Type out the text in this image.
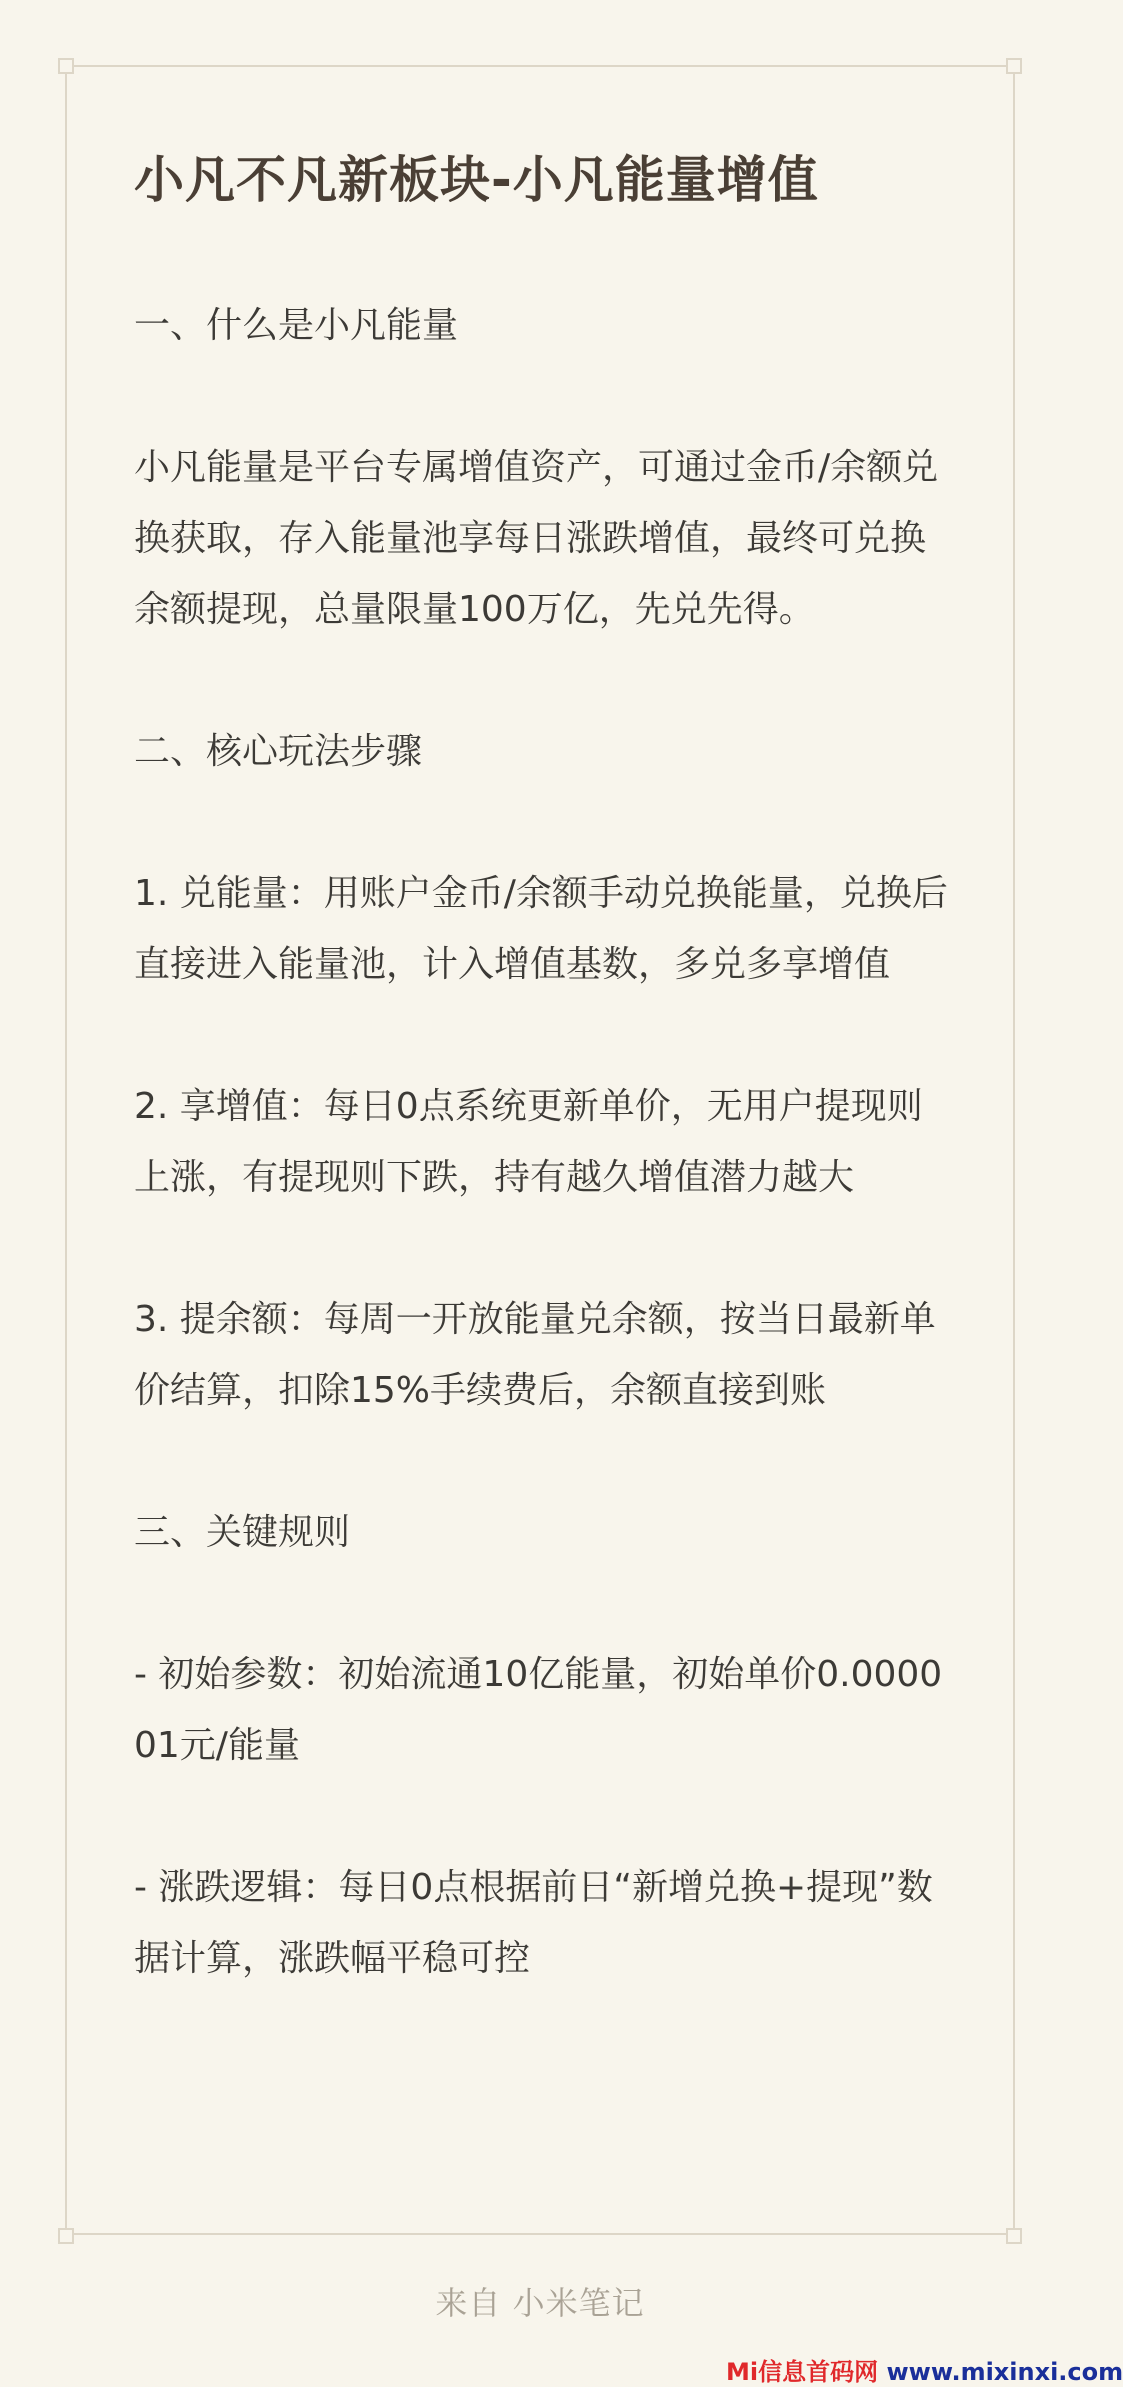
小凡不凡新板块-小凡能量增值
一、什么是小凡能量
小凡能量是平台专属增值资产，可通过金币/余额兑换获取，存入能量池享每日涨跌增值，最终可兑换余额提现，总量限量100万亿，先兑先得。
二、核心玩法步骤
1. 兑能量：用账户金币/余额手动兑换能量，兑换后直接进入能量池，计入增值基数，多兑多享增值
2. 享增值：每日0点系统更新单价，无用户提现则上涨，有提现则下跌，持有越久增值潜力越大
3. 提余额：每周一开放能量兑余额，按当日最新单价结算，扣除15%手续费后，余额直接到账
三、关键规则
- 初始参数：初始流通10亿能量，初始单价0.000001元/能量
- 涨跌逻辑：每日0点根据前日“新增兑换+提现”数据计算，涨跌幅平稳可控
来自 小米笔记
Mi信息首码网 www.mixinxi.com
